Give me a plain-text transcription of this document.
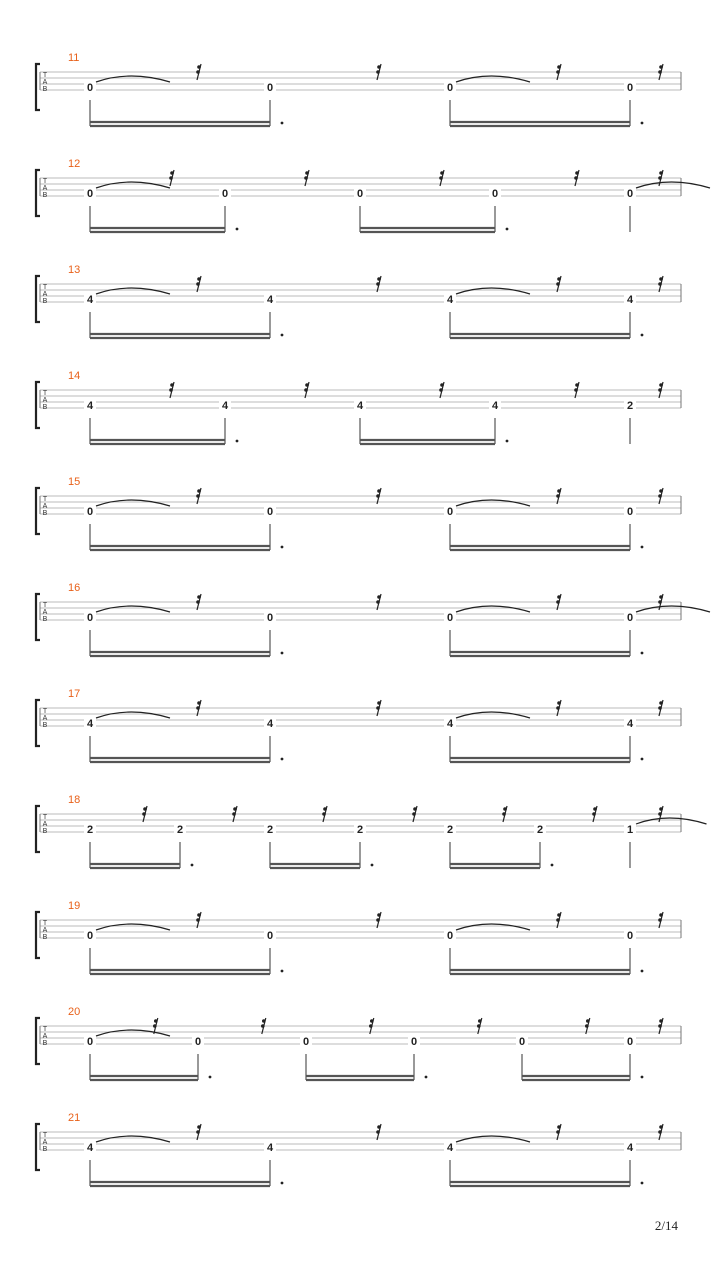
11
T
A
B	0	0	0	0
12
T
A
B	0	0	0	0	0
13
T
A
B	4	4	4	4
14
T
A
B	4	4	4	4	2
15
T
A
B	0	0	0	0
16
T
A
B	0	0	0	0
17
T
A
B	4	4	4	4
18
T
A
B	2	2	2	2	2	2	1
19
T
A
B	0	0	0	0
20
T
A
B	0	0	0	0	0	0
21
T
A
B	4	4	4	4
2/14
